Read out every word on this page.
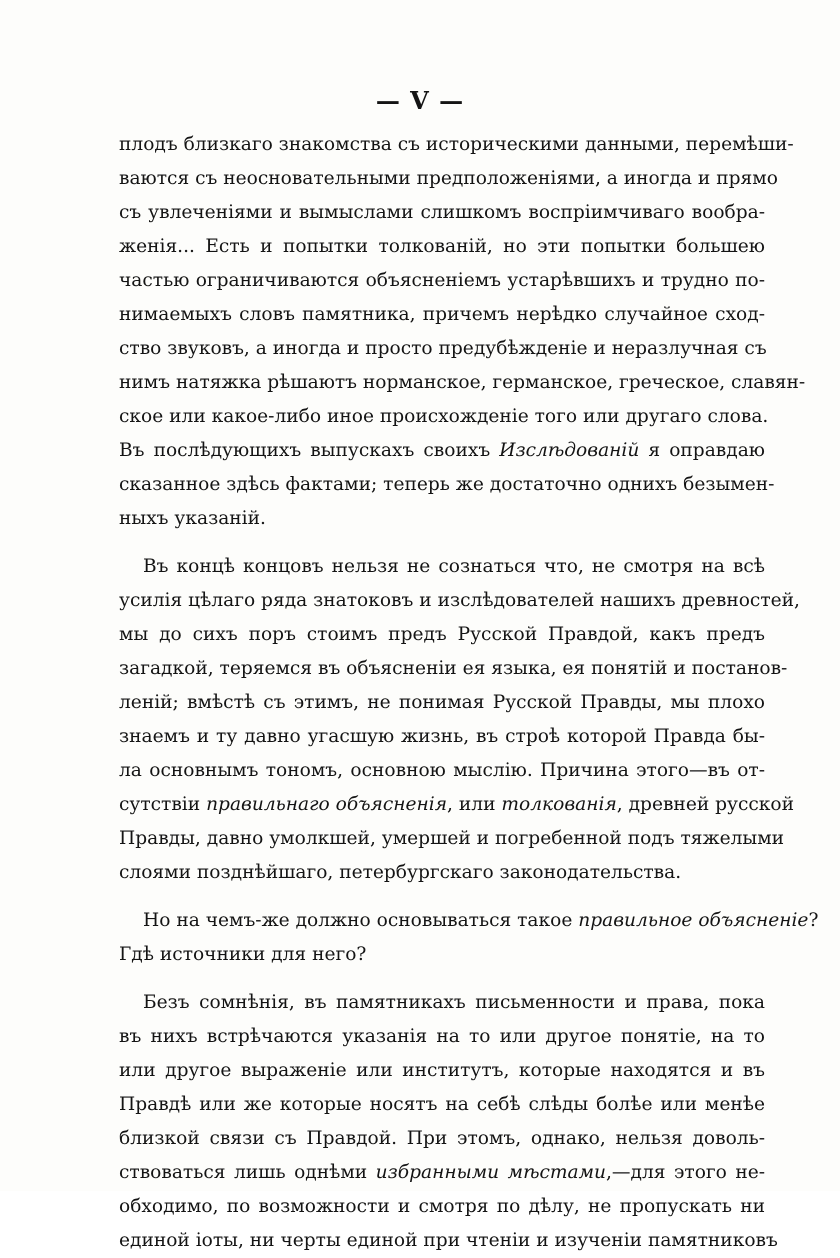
— V —
плодъ близкаго знакомства съ историческими данными, перемѣши-
ваются съ неосновательными предположеніями, а иногда и прямо
съ увлеченіями и вымыслами слишкомъ воспріимчиваго вообра-
женія... Есть и попытки толкованій, но эти попытки большею
частью ограничиваются объясненіемъ устарѣвшихъ и трудно по-
нимаемыхъ словъ памятника, причемъ нерѣдко случайное сход-
ство звуковъ, а иногда и просто предубѣжденіе и неразлучная съ
нимъ натяжка рѣшаютъ норманское, германское, греческое, славян-
ское или какое-либо иное происхожденіе того или другаго слова.
Въ послѣдующихъ выпускахъ своихъ Изслѣдованій я оправдаю
сказанное здѣсь фактами; теперь же достаточно однихъ безымен-
ныхъ указаній.
Въ концѣ концовъ нельзя не сознаться что, не смотря на всѣ
усилія цѣлаго ряда знатоковъ и изслѣдователей нашихъ древностей,
мы до сихъ поръ стоимъ предъ Русской Правдой, какъ предъ
загадкой, теряемся въ объясненіи ея языка, ея понятій и постанов-
леній; вмѣстѣ съ этимъ, не понимая Русской Правды, мы плохо
знаемъ и ту давно угасшую жизнь, въ строѣ которой Правда бы-
ла основнымъ тономъ, основною мыслію. Причина этого—въ от-
сутствіи правильнаго объясненія, или толкованія, древней русской
Правды, давно умолкшей, умершей и погребенной подъ тяжелыми
слоями позднѣйшаго, петербургскаго законодательства.
Но на чемъ-же должно основываться такое правильное объясненіе?
Гдѣ источники для него?
Безъ сомнѣнія, въ памятникахъ письменности и права, пока
въ нихъ встрѣчаются указанія на то или другое понятіе, на то
или другое выраженіе или институтъ, которые находятся и въ
Правдѣ или же которые носятъ на себѣ слѣды болѣе или менѣе
близкой связи съ Правдой. При этомъ, однако, нельзя доволь-
ствоваться лишь однѣми избранными мѣстами,—для этого не-
обходимо, по возможности и смотря по дѣлу, не пропускать ни
единой іоты, ни черты единой при чтеніи и изученіи памятниковъ
